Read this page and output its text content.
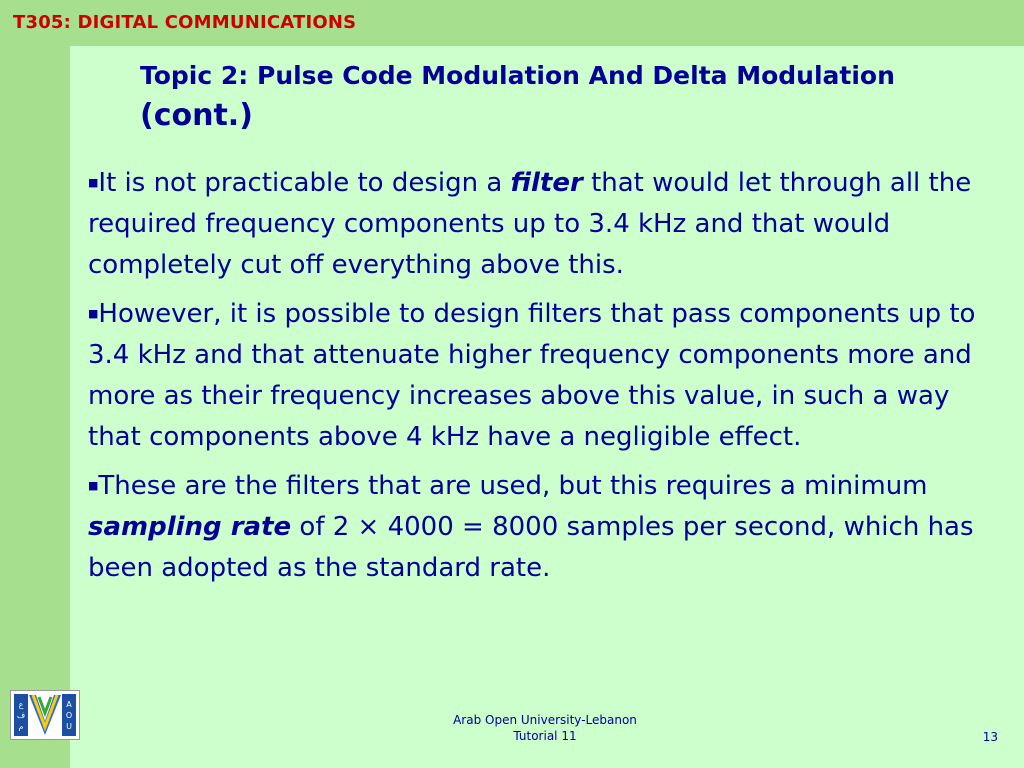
T305: DIGITAL COMMUNICATIONS
Topic 2: Pulse Code Modulation And Delta Modulation (cont.)

■It is not practicable to design a filter that would let through all the required frequency components up to 3.4 kHz and that would completely cut off everything above this.

■However, it is possible to design filters that pass components up to 3.4 kHz and that attenuate higher frequency components more and more as their frequency increases above this value, in such a way that components above 4 kHz have a negligible effect.

■These are the filters that are used, but this requires a minimum sampling rate of 2 × 4000 = 8000 samples per second, which has been adopted as the standard rate.

ع
ف
م
A
O
U	Arab Open University-Lebanon
Tutorial 11	13
